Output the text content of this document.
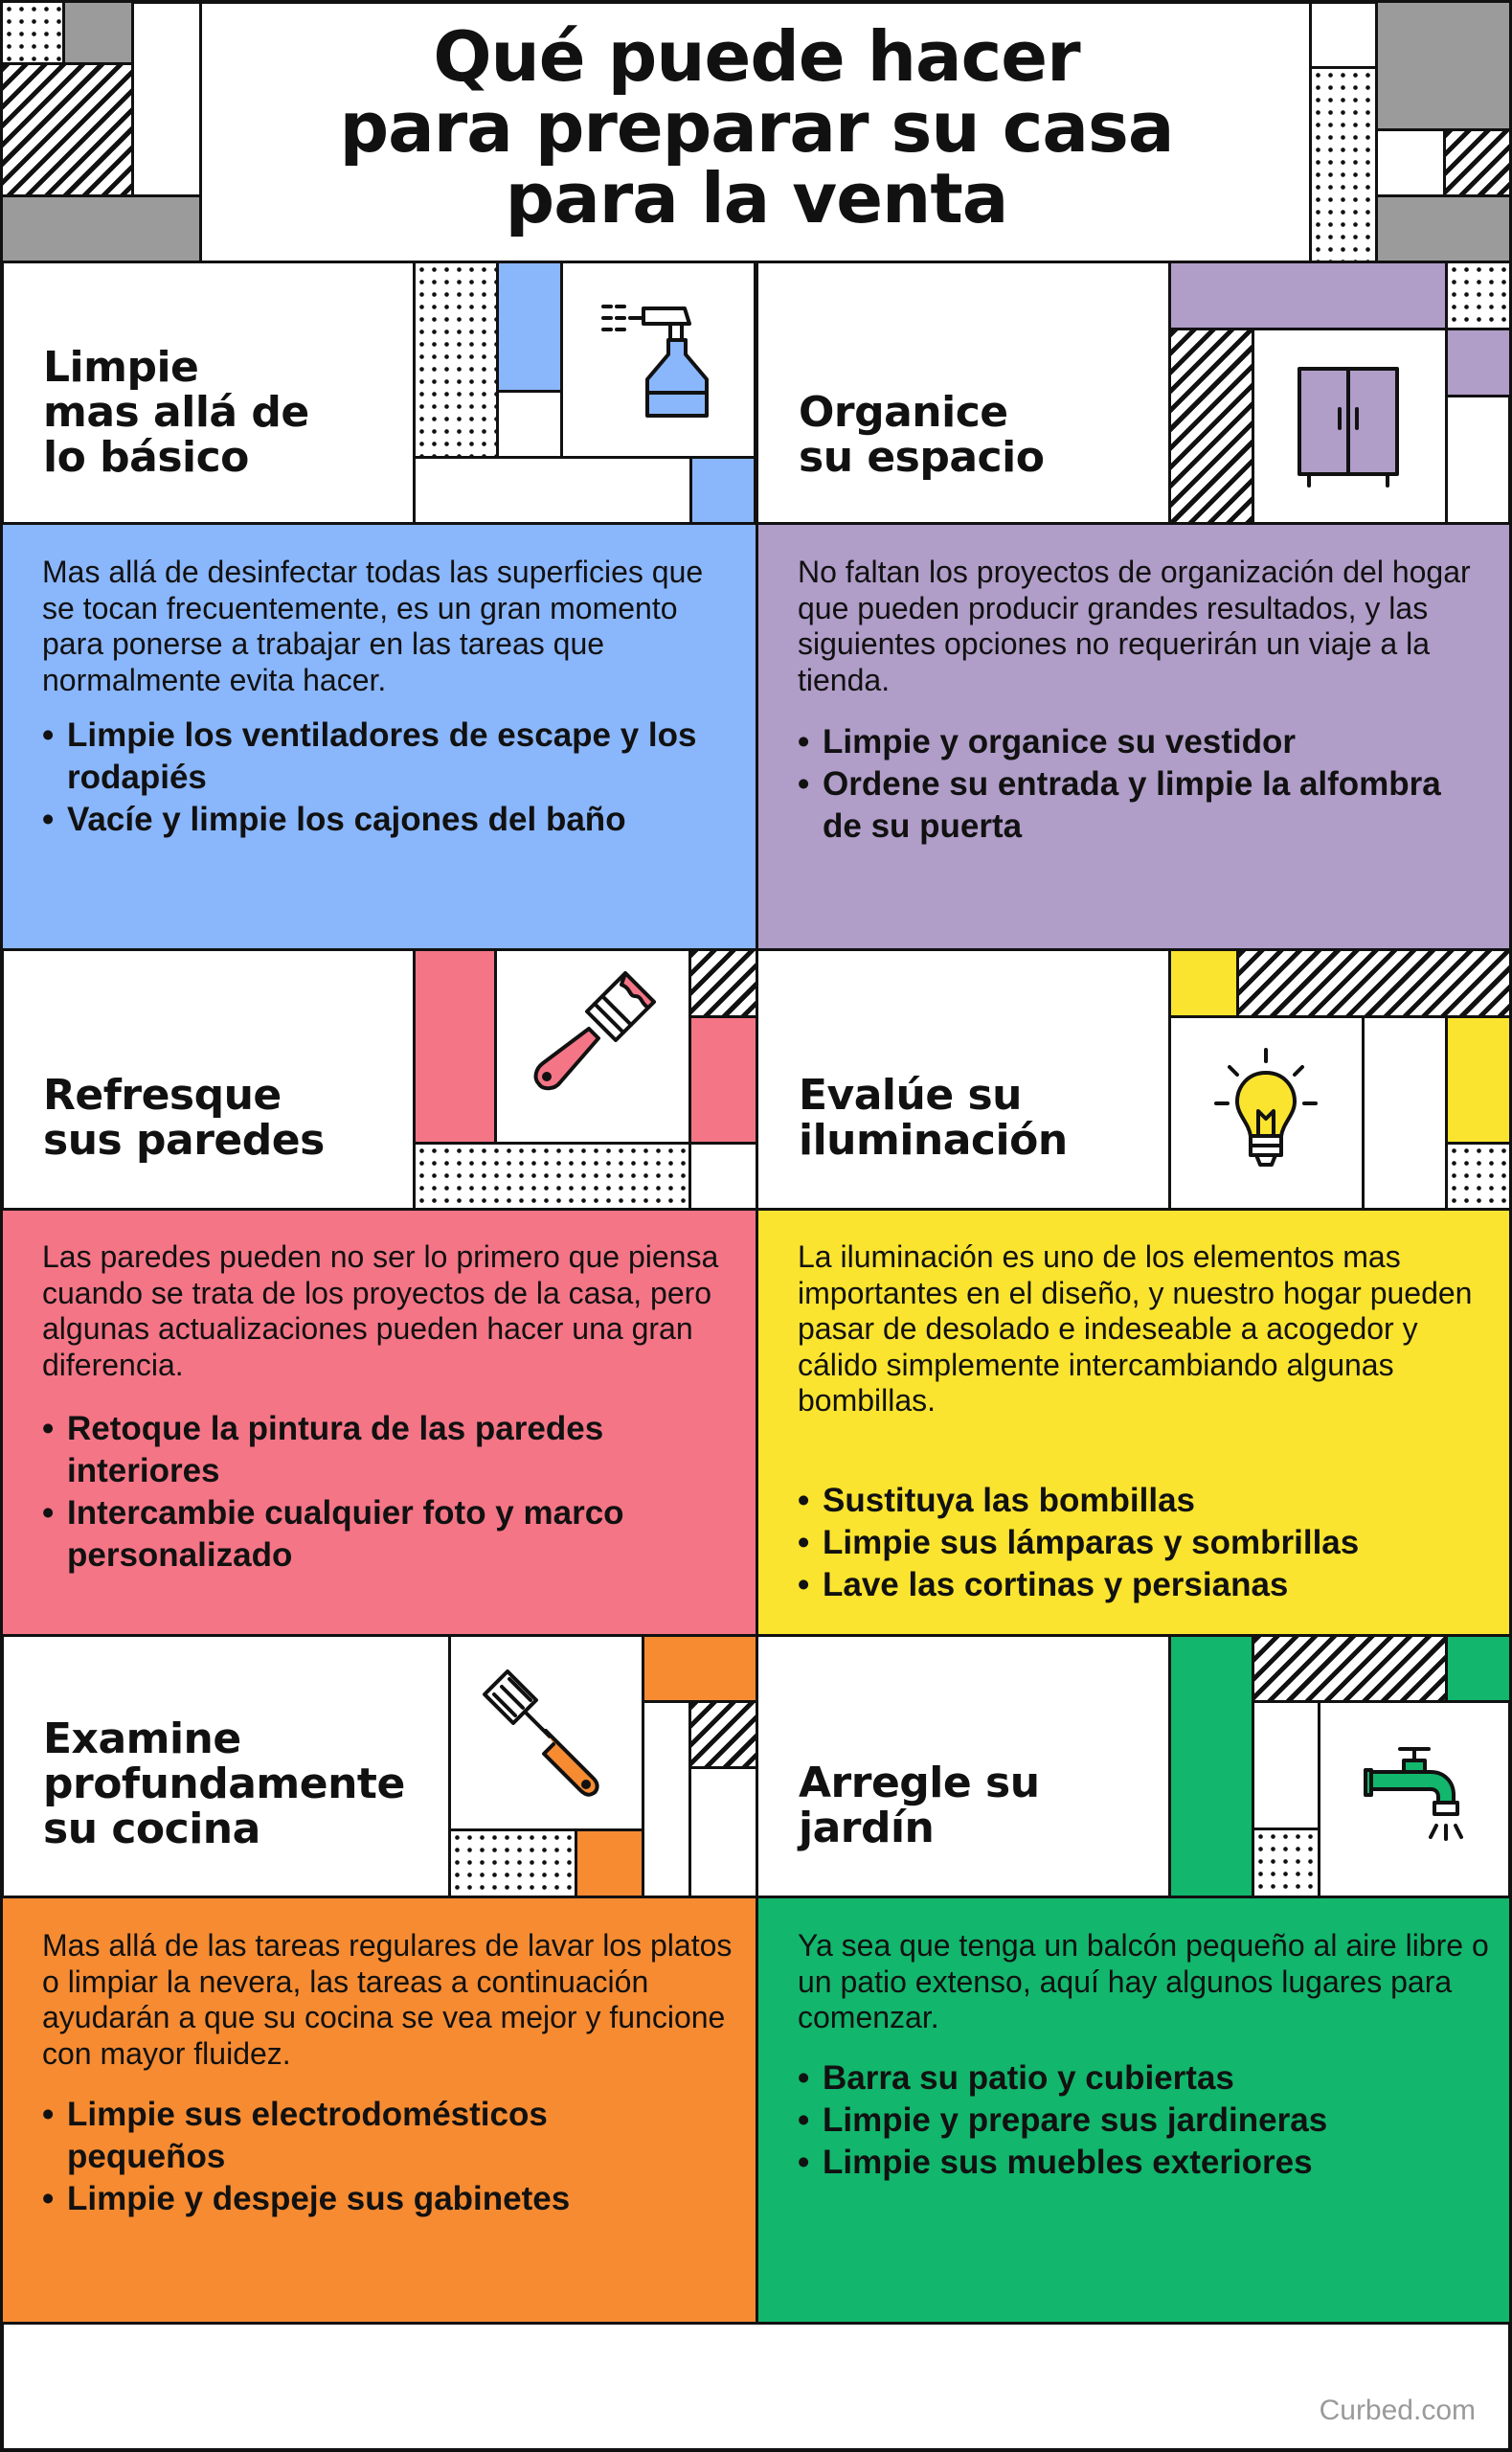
Qué puede hacer
para preparar su casa
para la venta
Limpie
mas allá de
lo básico
Mas allá de desinfectar todas las superficies que se tocan frecuentemente, es un gran momento para ponerse a trabajar en las tareas que normalmente evita hacer.
• Limpie los ventiladores de escape y los rodapiés
• Vacíe y limpie los cajones del baño
Organice
su espacio
No faltan los proyectos de organización del hogar que pueden producir grandes resultados, y las siguientes opciones no requerirán un viaje a la tienda.
• Limpie y organice su vestidor
• Ordene su entrada y limpie la alfombra de su puerta
Refresque
sus paredes
Las paredes pueden no ser lo primero que piensa cuando se trata de los proyectos de la casa, pero algunas actualizaciones pueden hacer una gran diferencia.
• Retoque la pintura de las paredes interiores
• Intercambie cualquier foto y marco personalizado
Evalúe su
iluminación
La iluminación es uno de los elementos mas importantes en el diseño, y nuestro hogar pueden pasar de desolado e indeseable a acogedor y cálido simplemente intercambiando algunas bombillas.
• Sustituya las bombillas
• Limpie sus lámparas y sombrillas
• Lave las cortinas y persianas
Examine
profundamente
su cocina
Mas allá de las tareas regulares de lavar los platos o limpiar la nevera, las tareas a continuación ayudarán a que su cocina se vea mejor y funcione con mayor fluidez.
• Limpie sus electrodomésticos pequeños
• Limpie y despeje sus gabinetes
Arregle su
jardín
Ya sea que tenga un balcón pequeño al aire libre o un patio extenso, aquí hay algunos lugares para comenzar.
• Barra su patio y cubiertas
• Limpie y prepare sus jardineras
• Limpie sus muebles exteriores
Curbed.com
